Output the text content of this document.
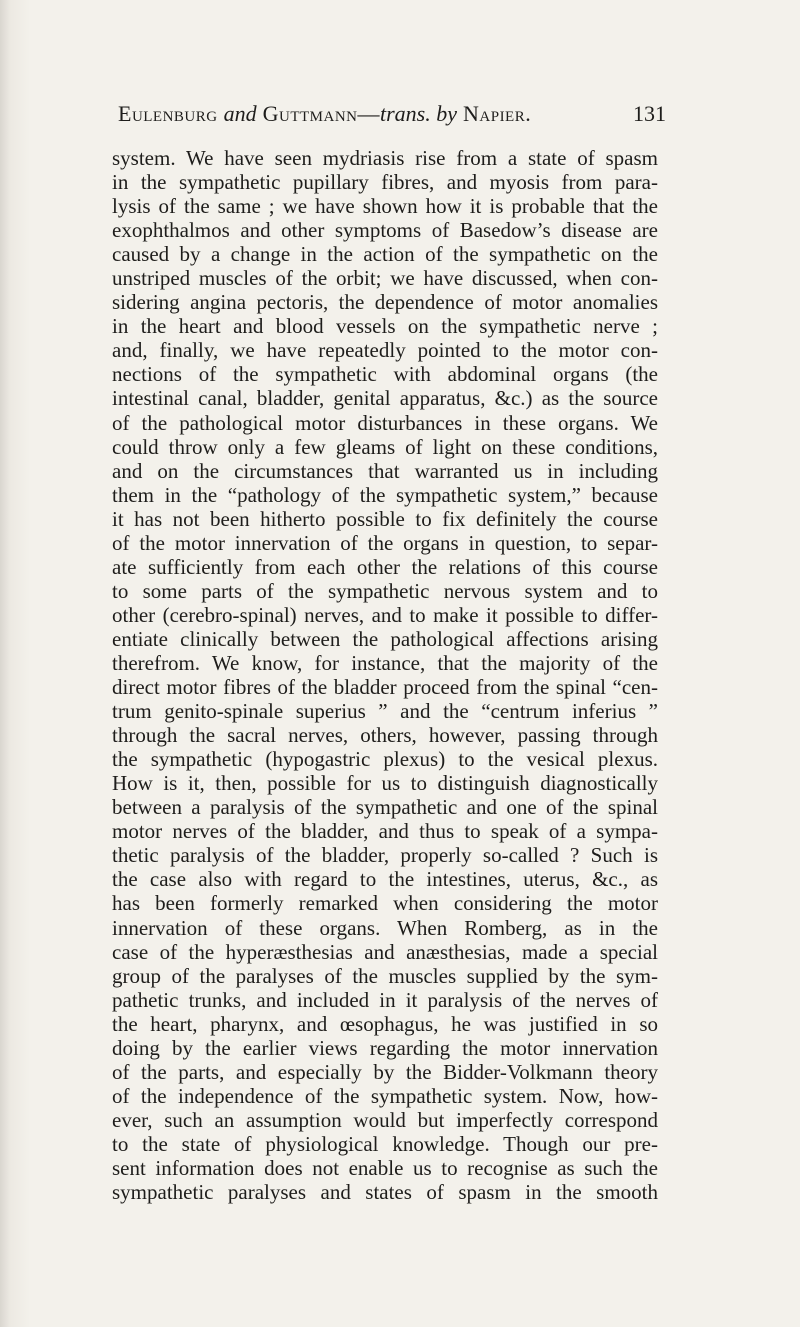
Eulenburg and Guttmann—trans. by Napier.	131
system. We have seen mydriasis rise from a state of spasm
in the sympathetic pupillary fibres, and myosis from para-
lysis of the same ; we have shown how it is probable that the
exophthalmos and other symptoms of Basedow’s disease are
caused by a change in the action of the sympathetic on the
unstriped muscles of the orbit; we have discussed, when con-
sidering angina pectoris, the dependence of motor anomalies
in the heart and blood vessels on the sympathetic nerve ;
and, finally, we have repeatedly pointed to the motor con-
nections of the sympathetic with abdominal organs (the
intestinal canal, bladder, genital apparatus, &c.) as the source
of the pathological motor disturbances in these organs. We
could throw only a few gleams of light on these conditions,
and on the circumstances that warranted us in including
them in the “pathology of the sympathetic system,” because
it has not been hitherto possible to fix definitely the course
of the motor innervation of the organs in question, to separ-
ate sufficiently from each other the relations of this course
to some parts of the sympathetic nervous system and to
other (cerebro-spinal) nerves, and to make it possible to differ-
entiate clinically between the pathological affections arising
therefrom. We know, for instance, that the majority of the
direct motor fibres of the bladder proceed from the spinal “cen-
trum genito-spinale superius ” and the “centrum inferius ”
through the sacral nerves, others, however, passing through
the sympathetic (hypogastric plexus) to the vesical plexus.
How is it, then, possible for us to distinguish diagnostically
between a paralysis of the sympathetic and one of the spinal
motor nerves of the bladder, and thus to speak of a sympa-
thetic paralysis of the bladder, properly so-called ? Such is
the case also with regard to the intestines, uterus, &c., as
has been formerly remarked when considering the motor
innervation of these organs. When Romberg, as in the
case of the hyperæsthesias and anæsthesias, made a special
group of the paralyses of the muscles supplied by the sym-
pathetic trunks, and included in it paralysis of the nerves of
the heart, pharynx, and œsophagus, he was justified in so
doing by the earlier views regarding the motor innervation
of the parts, and especially by the Bidder-Volkmann theory
of the independence of the sympathetic system. Now, how-
ever, such an assumption would but imperfectly correspond
to the state of physiological knowledge. Though our pre-
sent information does not enable us to recognise as such the
sympathetic paralyses and states of spasm in the smooth
